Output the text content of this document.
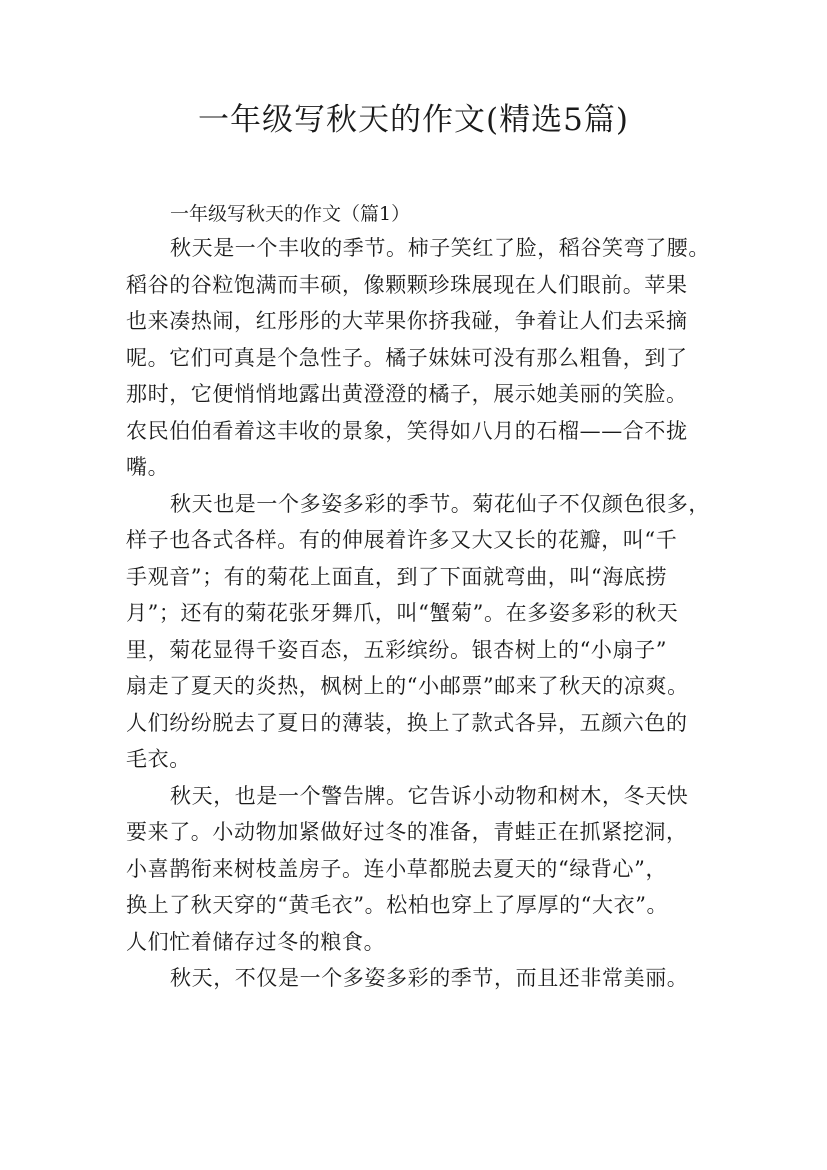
一年级写秋天的作文(精选5篇)
一年级写秋天的作文（篇1）
秋天是一个丰收的季节。柿子笑红了脸，稻谷笑弯了腰。
稻谷的谷粒饱满而丰硕，像颗颗珍珠展现在人们眼前。苹果
也来凑热闹，红彤彤的大苹果你挤我碰，争着让人们去采摘
呢。它们可真是个急性子。橘子妹妹可没有那么粗鲁，到了
那时，它便悄悄地露出黄澄澄的橘子，展示她美丽的笑脸。
农民伯伯看着这丰收的景象，笑得如八月的石榴——合不拢
嘴。
秋天也是一个多姿多彩的季节。菊花仙子不仅颜色很多，
样子也各式各样。有的伸展着许多又大又长的花瓣，叫“千
手观音”；有的菊花上面直，到了下面就弯曲，叫“海底捞
月”；还有的菊花张牙舞爪，叫“蟹菊”。在多姿多彩的秋天
里，菊花显得千姿百态，五彩缤纷。银杏树上的“小扇子”
扇走了夏天的炎热，枫树上的“小邮票”邮来了秋天的凉爽。
人们纷纷脱去了夏日的薄装，换上了款式各异，五颜六色的
毛衣。
秋天，也是一个警告牌。它告诉小动物和树木，冬天快
要来了。小动物加紧做好过冬的准备，青蛙正在抓紧挖洞，
小喜鹊衔来树枝盖房子。连小草都脱去夏天的“绿背心”，
换上了秋天穿的“黄毛衣”。松柏也穿上了厚厚的“大衣”。
人们忙着储存过冬的粮食。
秋天，不仅是一个多姿多彩的季节，而且还非常美丽。
